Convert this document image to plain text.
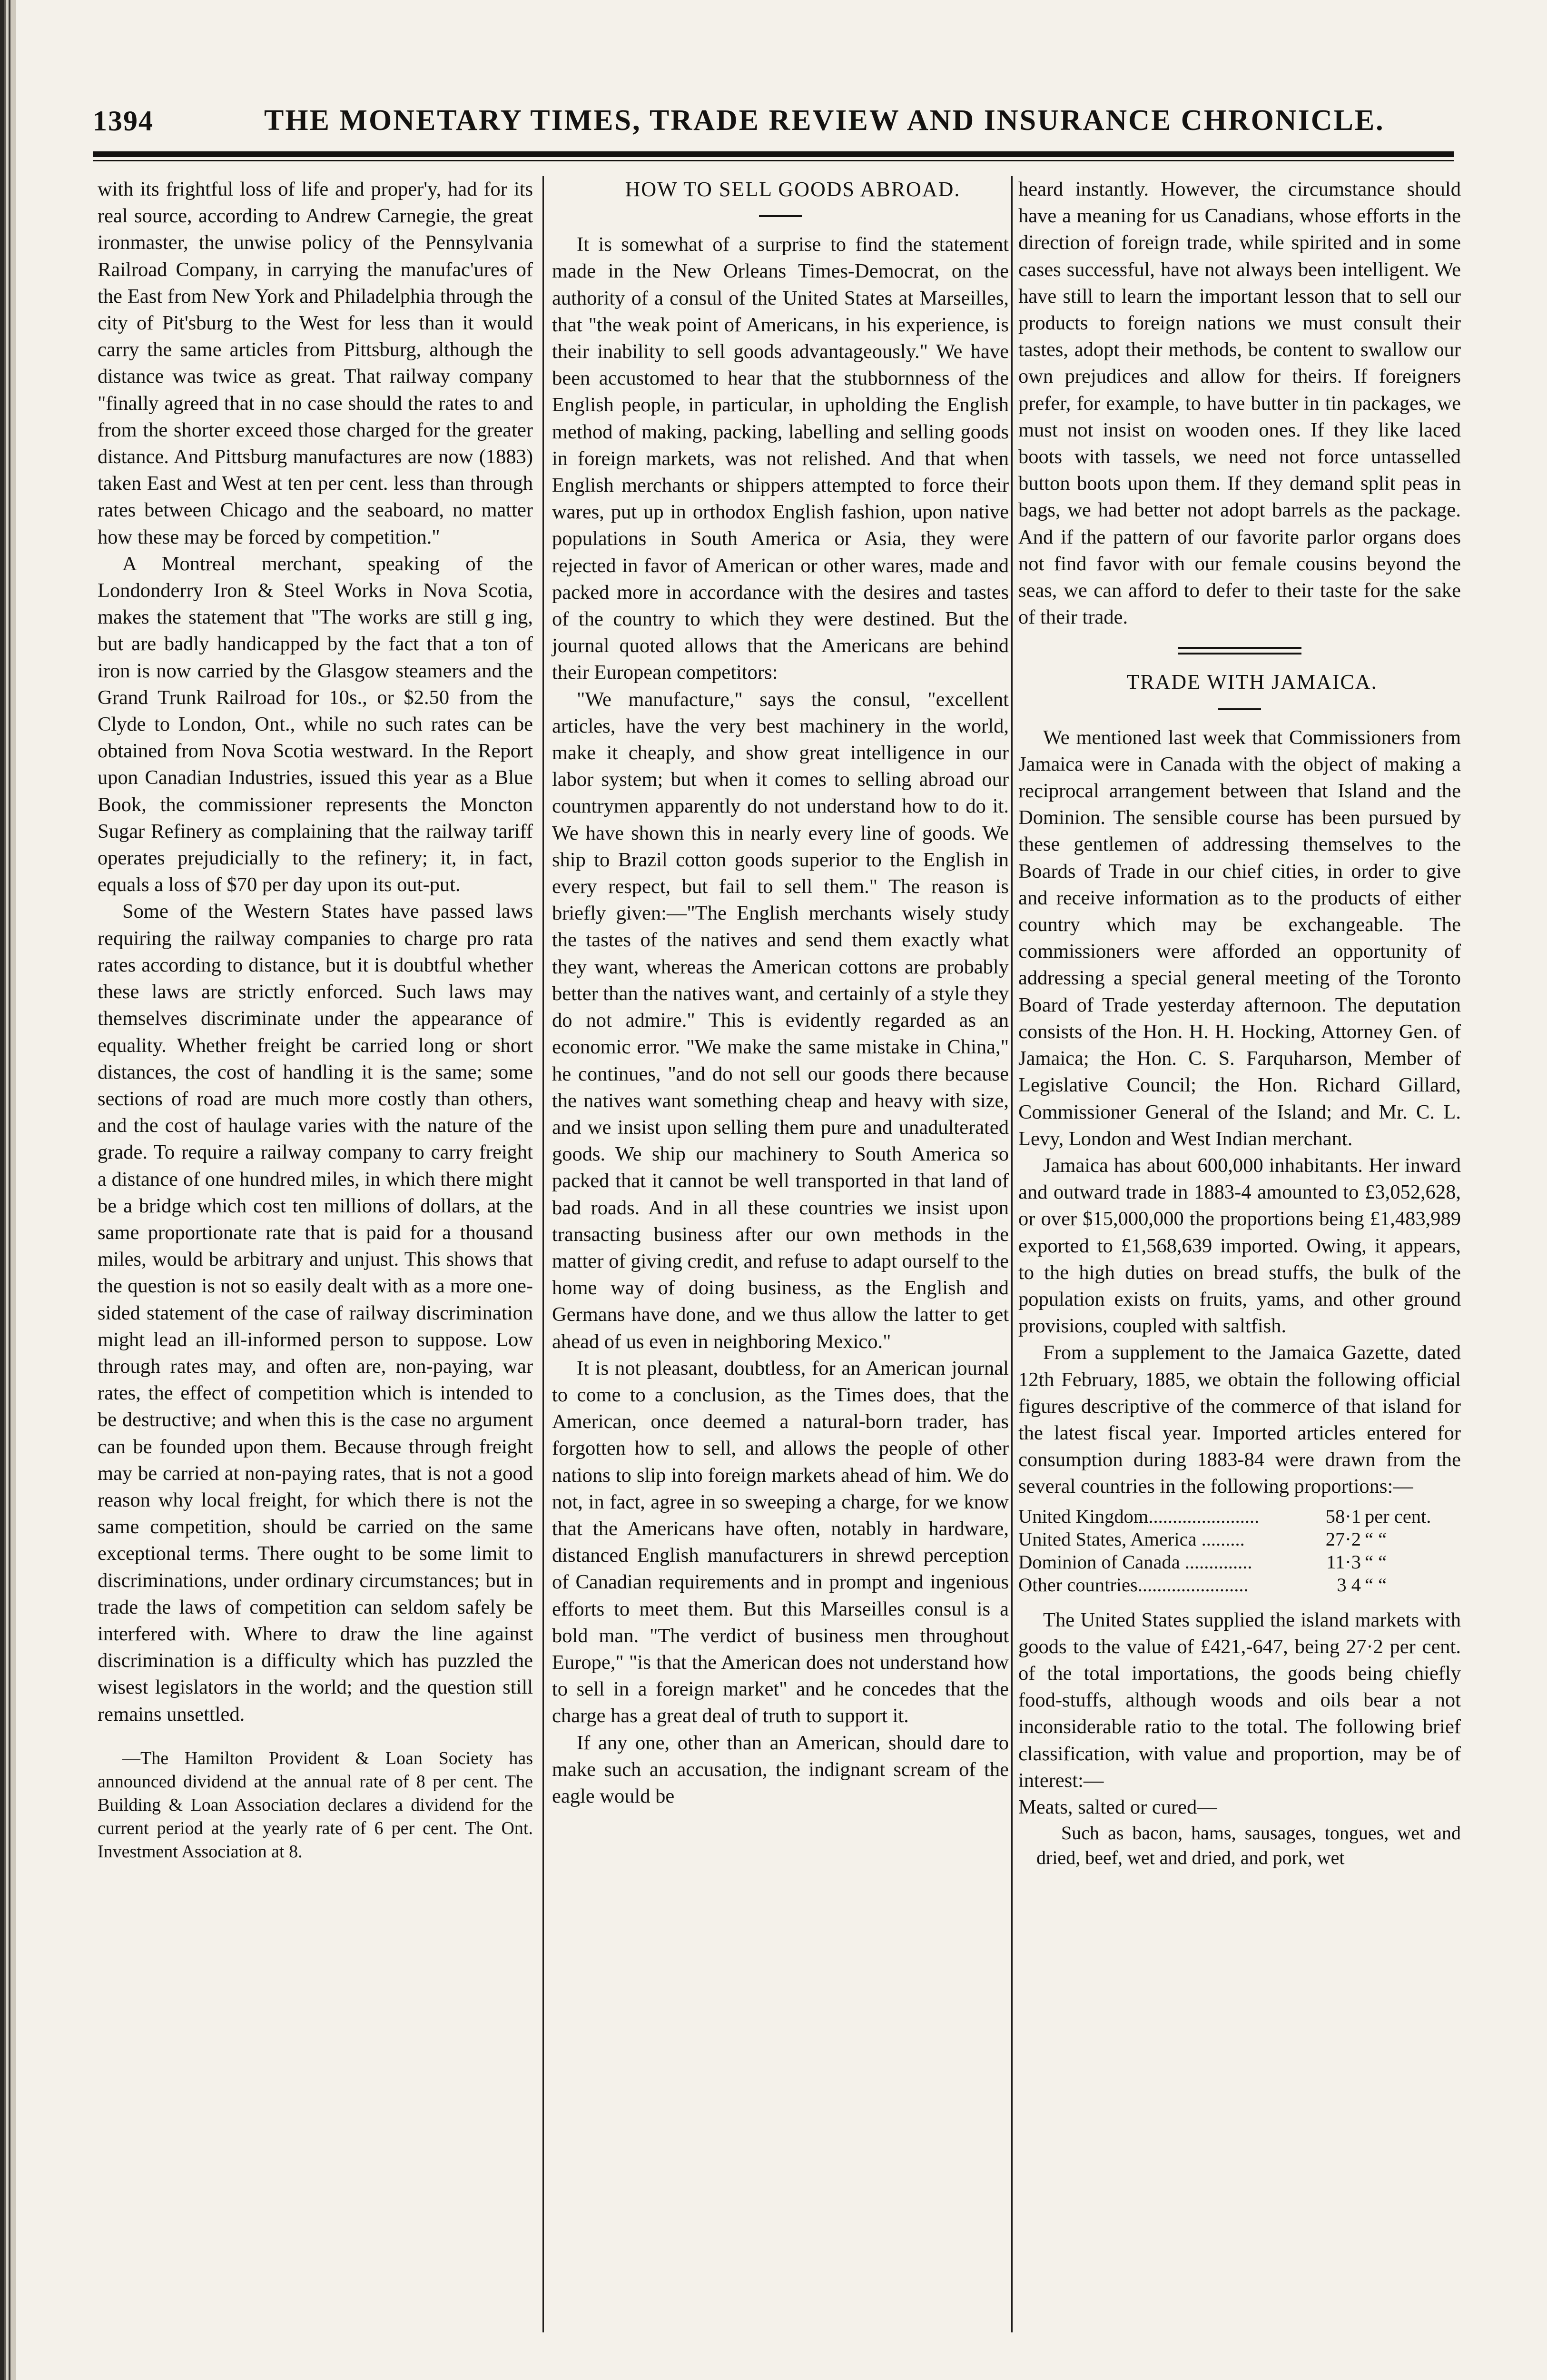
1394	THE MONETARY TIMES, TRADE REVIEW AND INSURANCE CHRONICLE.

with its frightful loss of life and proper'y, had for its real source, according to Andrew Carnegie, the great ironmaster, the unwise policy of the Pennsylvania Railroad Company, in carrying the manufac'ures of the East from New York and Philadelphia through the city of Pit'sburg to the West for less than it would carry the same articles from Pittsburg, although the distance was twice as great. That railway company "finally agreed that in no case should the rates to and from the shorter exceed those charged for the greater distance. And Pittsburg manufactures are now (1883) taken East and West at ten per cent. less than through rates between Chicago and the seaboard, no matter how these may be forced by competition."

A Montreal merchant, speaking of the Londonderry Iron & Steel Works in Nova Scotia, makes the statement that "The works are still g ing, but are badly handicapped by the fact that a ton of iron is now carried by the Glasgow steamers and the Grand Trunk Railroad for 10s., or $2.50 from the Clyde to London, Ont., while no such rates can be obtained from Nova Scotia westward. In the Report upon Canadian Industries, issued this year as a Blue Book, the commissioner represents the Moncton Sugar Refinery as complaining that the railway tariff operates prejudicially to the refinery; it, in fact, equals a loss of $70 per day upon its out-put.

Some of the Western States have passed laws requiring the railway companies to charge pro rata rates according to distance, but it is doubtful whether these laws are strictly enforced. Such laws may themselves discriminate under the appearance of equality. Whether freight be carried long or short distances, the cost of handling it is the same; some sections of road are much more costly than others, and the cost of haulage varies with the nature of the grade. To require a railway company to carry freight a distance of one hundred miles, in which there might be a bridge which cost ten millions of dollars, at the same proportionate rate that is paid for a thousand miles, would be arbitrary and unjust. This shows that the question is not so easily dealt with as a more one-sided statement of the case of railway discrimination might lead an ill-informed person to suppose. Low through rates may, and often are, non-paying, war rates, the effect of competition which is intended to be destructive; and when this is the case no argument can be founded upon them. Because through freight may be carried at non-paying rates, that is not a good reason why local freight, for which there is not the same competition, should be carried on the same exceptional terms. There ought to be some limit to discriminations, under ordinary circumstances; but in trade the laws of competition can seldom safely be interfered with. Where to draw the line against discrimination is a difficulty which has puzzled the wisest legislators in the world; and the question still remains unsettled.

—The Hamilton Provident & Loan Society has announced dividend at the annual rate of 8 per cent. The Building & Loan Association declares a dividend for the current period at the yearly rate of 6 per cent. The Ont. Investment Association at 8.

HOW TO SELL GOODS ABROAD.

It is somewhat of a surprise to find the statement made in the New Orleans Times-Democrat, on the authority of a consul of the United States at Marseilles, that "the weak point of Americans, in his experience, is their inability to sell goods advantageously." We have been accustomed to hear that the stubbornness of the English people, in particular, in upholding the English method of making, packing, labelling and selling goods in foreign markets, was not relished. And that when English merchants or shippers attempted to force their wares, put up in orthodox English fashion, upon native populations in South America or Asia, they were rejected in favor of American or other wares, made and packed more in accordance with the desires and tastes of the country to which they were destined. But the journal quoted allows that the Americans are behind their European competitors:

"We manufacture," says the consul, "excellent articles, have the very best machinery in the world, make it cheaply, and show great intelligence in our labor system; but when it comes to selling abroad our countrymen apparently do not understand how to do it. We have shown this in nearly every line of goods. We ship to Brazil cotton goods superior to the English in every respect, but fail to sell them." The reason is briefly given:—"The English merchants wisely study the tastes of the natives and send them exactly what they want, whereas the American cottons are probably better than the natives want, and certainly of a style they do not admire." This is evidently regarded as an economic error. "We make the same mistake in China," he continues, "and do not sell our goods there because the natives want something cheap and heavy with size, and we insist upon selling them pure and unadulterated goods. We ship our machinery to South America so packed that it cannot be well transported in that land of bad roads. And in all these countries we insist upon transacting business after our own methods in the matter of giving credit, and refuse to adapt ourself to the home way of doing business, as the English and Germans have done, and we thus allow the latter to get ahead of us even in neighboring Mexico."

It is not pleasant, doubtless, for an American journal to come to a conclusion, as the Times does, that the American, once deemed a natural-born trader, has forgotten how to sell, and allows the people of other nations to slip into foreign markets ahead of him. We do not, in fact, agree in so sweeping a charge, for we know that the Americans have often, notably in hardware, distanced English manufacturers in shrewd perception of Canadian requirements and in prompt and ingenious efforts to meet them. But this Marseilles consul is a bold man. "The verdict of business men throughout Europe," "is that the American does not understand how to sell in a foreign market" and he concedes that the charge has a great deal of truth to support it.

If any one, other than an American, should dare to make such an accusation, the indignant scream of the eagle would be

heard instantly. However, the circumstance should have a meaning for us Canadians, whose efforts in the direction of foreign trade, while spirited and in some cases successful, have not always been intelligent. We have still to learn the important lesson that to sell our products to foreign nations we must consult their tastes, adopt their methods, be content to swallow our own prejudices and allow for theirs. If foreigners prefer, for example, to have butter in tin packages, we must not insist on wooden ones. If they like laced boots with tassels, we need not force untasselled button boots upon them. If they demand split peas in bags, we had better not adopt barrels as the package. And if the pattern of our favorite parlor organs does not find favor with our female cousins beyond the seas, we can afford to defer to their taste for the sake of their trade.

TRADE WITH JAMAICA.

We mentioned last week that Commissioners from Jamaica were in Canada with the object of making a reciprocal arrangement between that Island and the Dominion. The sensible course has been pursued by these gentlemen of addressing themselves to the Boards of Trade in our chief cities, in order to give and receive information as to the products of either country which may be exchangeable. The commissioners were afforded an opportunity of addressing a special general meeting of the Toronto Board of Trade yesterday afternoon. The deputation consists of the Hon. H. H. Hocking, Attorney Gen. of Jamaica; the Hon. C. S. Farquharson, Member of Legislative Council; the Hon. Richard Gillard, Commissioner General of the Island; and Mr. C. L. Levy, London and West Indian merchant.

Jamaica has about 600,000 inhabitants. Her inward and outward trade in 1883-4 amounted to £3,052,628, or over $15,000,000 the proportions being £1,483,989 exported to £1,568,639 imported. Owing, it appears, to the high duties on bread stuffs, the bulk of the population exists on fruits, yams, and other ground provisions, coupled with saltfish.

From a supplement to the Jamaica Gazette, dated 12th February, 1885, we obtain the following official figures descriptive of the commerce of that island for the latest fiscal year. Imported articles entered for consumption during 1883-84 were drawn from the several countries in the following proportions:—

United Kingdom.......................	58·1 per cent.
United States, America .........	27·2 “ “
Dominion of Canada ..............	11·3 “ “
Other countries.......................	3 4 “ “

The United States supplied the island markets with goods to the value of £421,-647, being 27·2 per cent. of the total importations, the goods being chiefly food-stuffs, although woods and oils bear a not inconsiderable ratio to the total. The following brief classification, with value and proportion, may be of interest:—

Meats, salted or cured—

Such as bacon, hams, sausages, tongues, wet and dried, beef, wet and dried, and pork, wet
